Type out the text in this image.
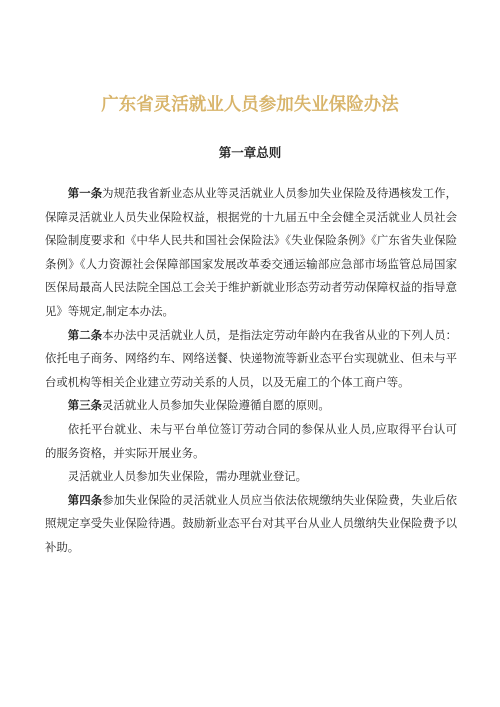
广东省灵活就业人员参加失业保险办法
第一章总则

第一条为规范我省新业态从业等灵活就业人员参加失业保险及待遇核发工作，保障灵活就业人员失业保险权益，根据党的十九届五中全会健全灵活就业人员社会保险制度要求和《中华人民共和国社会保险法》《失业保险条例》《广东省失业保险条例》《人力资源社会保障部国家发展改革委交通运输部应急部市场监管总局国家医保局最高人民法院全国总工会关于维护新就业形态劳动者劳动保障权益的指导意见》等规定,制定本办法。

第二条本办法中灵活就业人员，是指法定劳动年龄内在我省从业的下列人员：依托电子商务、网络约车、网络送餐、快递物流等新业态平台实现就业、但未与平台或机构等相关企业建立劳动关系的人员，以及无雇工的个体工商户等。

第三条灵活就业人员参加失业保险遵循自愿的原则。

依托平台就业、未与平台单位签订劳动合同的参保从业人员,应取得平台认可的服务资格，并实际开展业务。

灵活就业人员参加失业保险，需办理就业登记。

第四条参加失业保险的灵活就业人员应当依法依规缴纳失业保险费，失业后依照规定享受失业保险待遇。鼓励新业态平台对其平台从业人员缴纳失业保险费予以补助。
